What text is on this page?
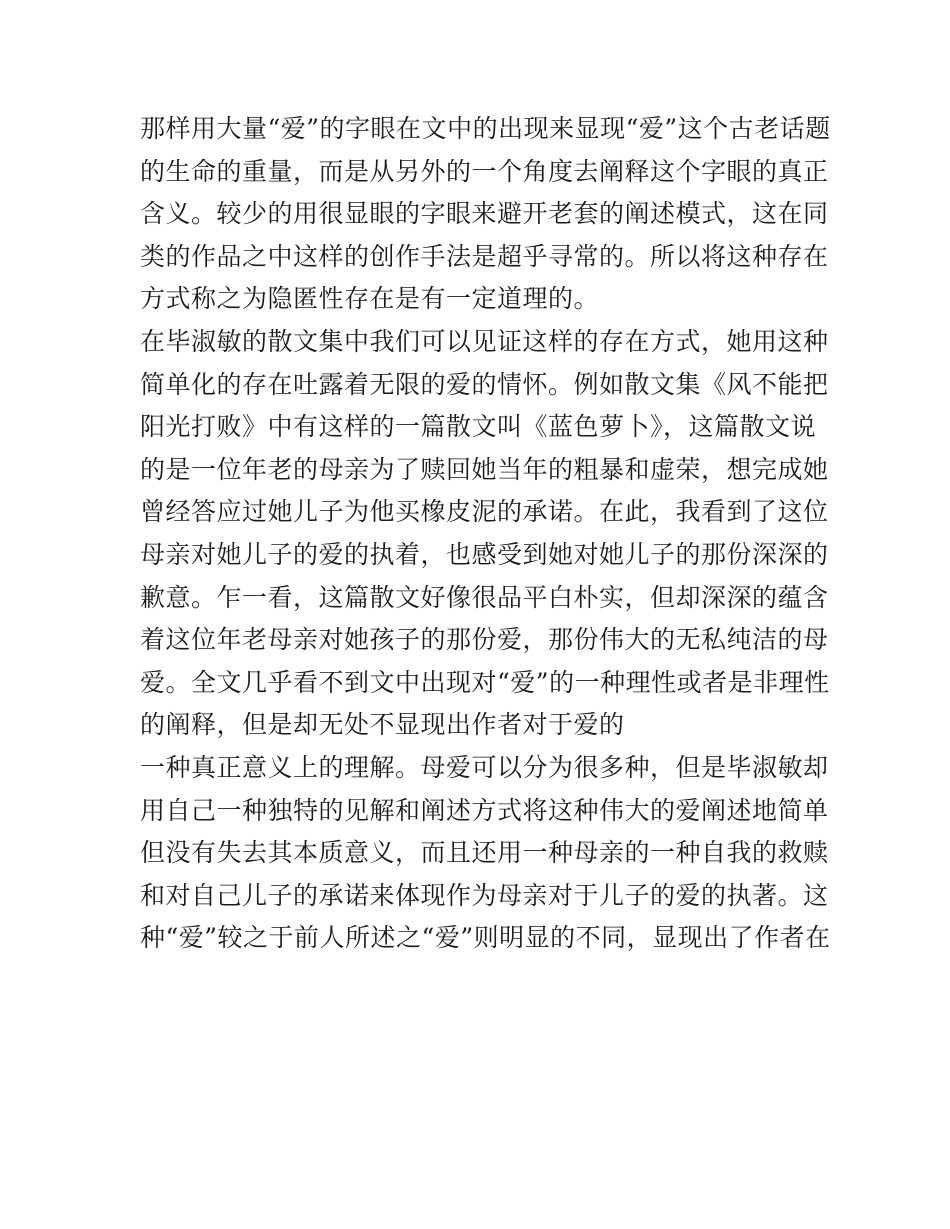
那样用大量“爱”的字眼在文中的出现来显现“爱”这个古老话题
的生命的重量，而是从另外的一个角度去阐释这个字眼的真正
含义。较少的用很显眼的字眼来避开老套的阐述模式，这在同
类的作品之中这样的创作手法是超乎寻常的。所以将这种存在
方式称之为隐匿性存在是有一定道理的。
在毕淑敏的散文集中我们可以见证这样的存在方式，她用这种
简单化的存在吐露着无限的爱的情怀。例如散文集《风不能把
阳光打败》中有这样的一篇散文叫《蓝色萝卜》，这篇散文说
的是一位年老的母亲为了赎回她当年的粗暴和虚荣，想完成她
曾经答应过她儿子为他买橡皮泥的承诺。在此，我看到了这位
母亲对她儿子的爱的执着，也感受到她对她儿子的那份深深的
歉意。乍一看，这篇散文好像很品平白朴实，但却深深的蕴含
着这位年老母亲对她孩子的那份爱，那份伟大的无私纯洁的母
爱。全文几乎看不到文中出现对“爱”的一种理性或者是非理性
的阐释，但是却无处不显现出作者对于爱的
一种真正意义上的理解。母爱可以分为很多种，但是毕淑敏却
用自己一种独特的见解和阐述方式将这种伟大的爱阐述地简单
但没有失去其本质意义，而且还用一种母亲的一种自我的救赎
和对自己儿子的承诺来体现作为母亲对于儿子的爱的执著。这
种“爱”较之于前人所述之“爱”则明显的不同，显现出了作者在
